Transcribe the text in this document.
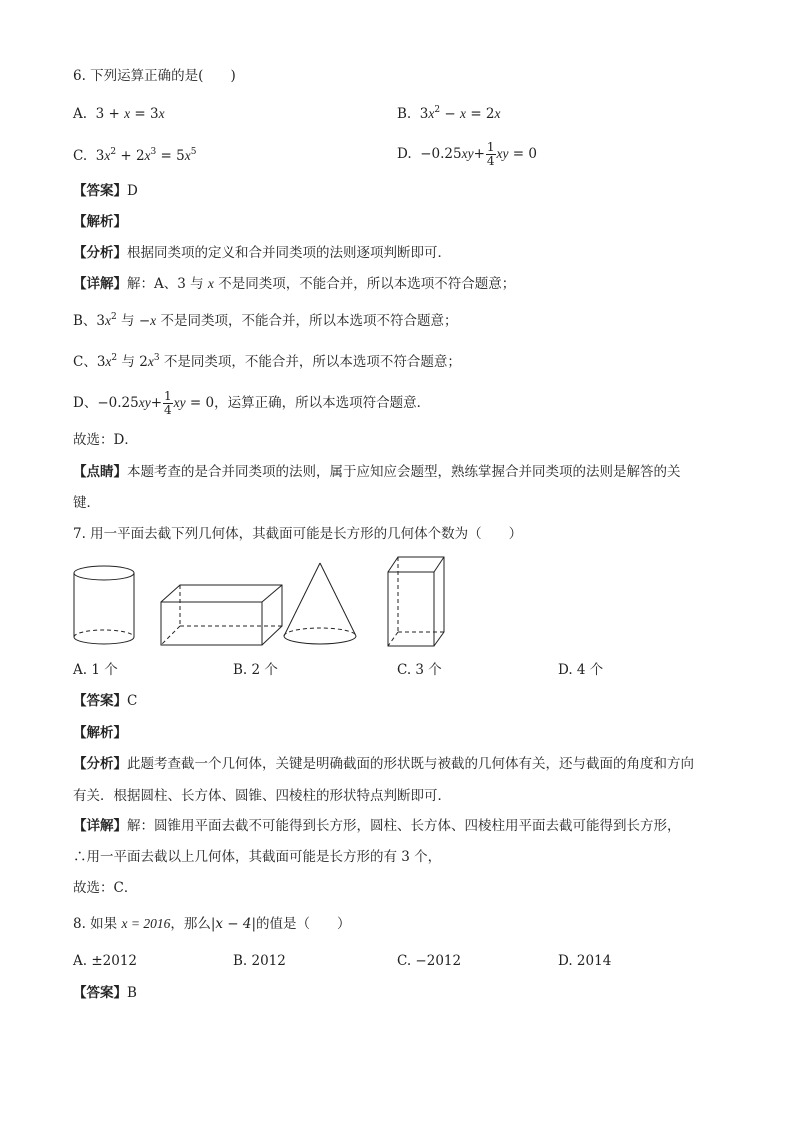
6. 下列运算正确的是(　　)
A.  3 + x = 3x	B.  $3x^2 - x = 2x$
C.  $3x^2 + 2x^3 = 5x^5$	D.  $-0.25xy+ \frac{1}{4}$ xy = 0
【答案】D
【解析】
【分析】根据同类项的定义和合并同类项的法则逐项判断即可．
【详解】解：A、3 与 x 不是同类项，不能合并，所以本选项不符合题意；
B、$3x^2$ 与 −x 不是同类项，不能合并，所以本选项不符合题意；
C、$3x^2$ 与 $2x^3$ 不是同类项，不能合并，所以本选项不符合题意；
D、$-0.25xy+ \frac{1}{4}$ xy = 0，运算正确，所以本选项符合题意．
故选：D．
【点睛】本题考查的是合并同类项的法则，属于应知应会题型，熟练掌握合并同类项的法则是解答的关
键．
7. 用一平面去截下列几何体，其截面可能是长方形的几何体个数为（　　）
A. 1 个	B. 2 个	C. 3 个	D. 4 个
【答案】C
【解析】
【分析】此题考查截一个几何体，关键是明确截面的形状既与被截的几何体有关，还与截面的角度和方向
有关．根据圆柱、长方体、圆锥、四棱柱的形状特点判断即可．
【详解】解：圆锥用平面去截不可能得到长方形，圆柱、长方体、四棱柱用平面去截可能得到长方形，
∴用一平面去截以上几何体，其截面可能是长方形的有 3 个，
故选：C．
8. 如果 x = 2016，那么|x − 4|的值是（　　）
A. ±2012	B. 2012	C. −2012	D. 2014
【答案】B
